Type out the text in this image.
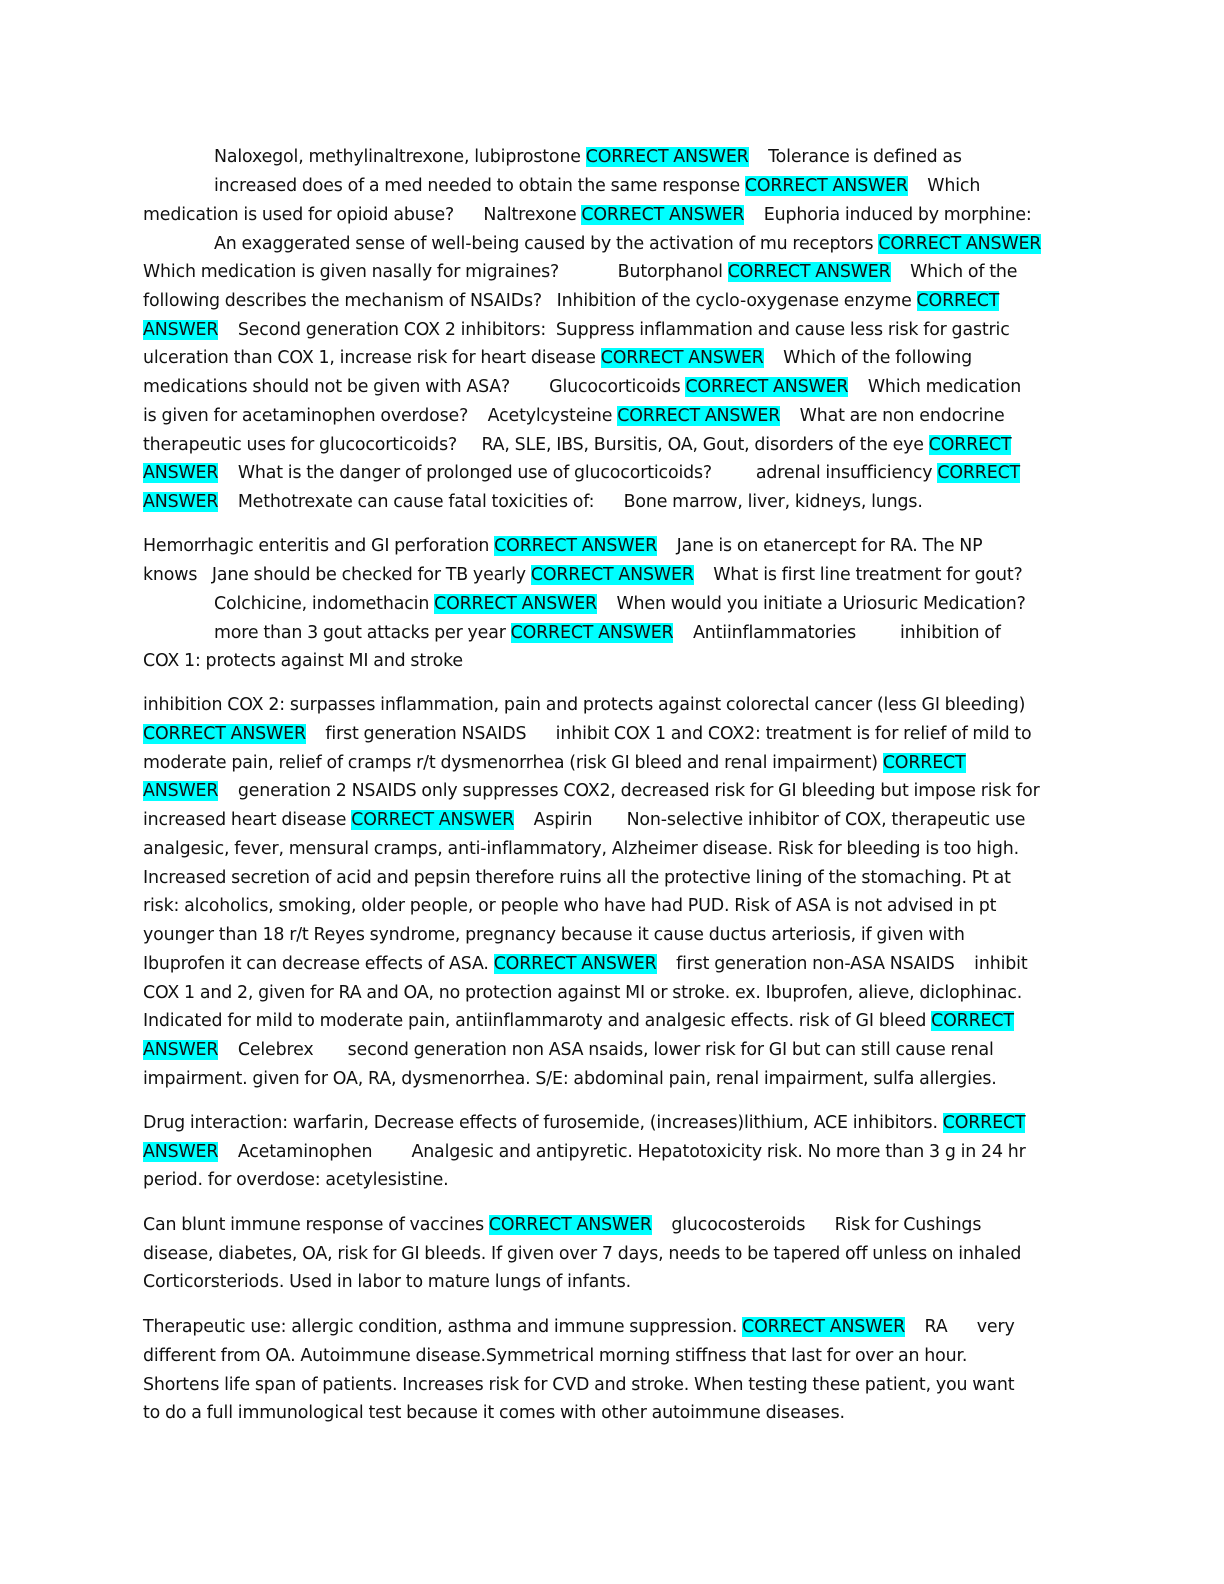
Naloxegol, methylinaltrexone, lubiprostone CORRECT ANSWER    Tolerance is defined as
increased does of a med needed to obtain the same response CORRECT ANSWER    Which
medication is used for opioid abuse?      Naltrexone CORRECT ANSWER    Euphoria induced by morphine:
An exaggerated sense of well-being caused by the activation of mu receptors CORRECT ANSWER
Which medication is given nasally for migraines?            Butorphanol CORRECT ANSWER    Which of the
following describes the mechanism of NSAIDs?   Inhibition of the cyclo-oxygenase enzyme CORRECT
ANSWER    Second generation COX 2 inhibitors:  Suppress inflammation and cause less risk for gastric
ulceration than COX 1, increase risk for heart disease CORRECT ANSWER    Which of the following
medications should not be given with ASA?        Glucocorticoids CORRECT ANSWER    Which medication
is given for acetaminophen overdose?    Acetylcysteine CORRECT ANSWER    What are non endocrine
therapeutic uses for glucocorticoids?     RA, SLE, IBS, Bursitis, OA, Gout, disorders of the eye CORRECT
ANSWER    What is the danger of prolonged use of glucocorticoids?         adrenal insufficiency CORRECT
ANSWER    Methotrexate can cause fatal toxicities of:      Bone marrow, liver, kidneys, lungs.
Hemorrhagic enteritis and GI perforation CORRECT ANSWER    Jane is on etanercept for RA. The NP
knows   Jane should be checked for TB yearly CORRECT ANSWER    What is first line treatment for gout?
Colchicine, indomethacin CORRECT ANSWER    When would you initiate a Uriosuric Medication?
more than 3 gout attacks per year CORRECT ANSWER    Antiinflammatories         inhibition of
COX 1: protects against MI and stroke
inhibition COX 2: surpasses inflammation, pain and protects against colorectal cancer (less GI bleeding)
CORRECT ANSWER    first generation NSAIDS      inhibit COX 1 and COX2: treatment is for relief of mild to
moderate pain, relief of cramps r/t dysmenorrhea (risk GI bleed and renal impairment) CORRECT
ANSWER    generation 2 NSAIDS only suppresses COX2, decreased risk for GI bleeding but impose risk for
increased heart disease CORRECT ANSWER    Aspirin       Non-selective inhibitor of COX, therapeutic use
analgesic, fever, mensural cramps, anti-inflammatory, Alzheimer disease. Risk for bleeding is too high.
Increased secretion of acid and pepsin therefore ruins all the protective lining of the stomaching. Pt at
risk: alcoholics, smoking, older people, or people who have had PUD. Risk of ASA is not advised in pt
younger than 18 r/t Reyes syndrome, pregnancy because it cause ductus arteriosis, if given with
Ibuprofen it can decrease effects of ASA. CORRECT ANSWER    first generation non-ASA NSAIDS    inhibit
COX 1 and 2, given for RA and OA, no protection against MI or stroke. ex. Ibuprofen, alieve, diclophinac.
Indicated for mild to moderate pain, antiinflammaroty and analgesic effects. risk of GI bleed CORRECT
ANSWER    Celebrex       second generation non ASA nsaids, lower risk for GI but can still cause renal
impairment. given for OA, RA, dysmenorrhea. S/E: abdominal pain, renal impairment, sulfa allergies.
Drug interaction: warfarin, Decrease effects of furosemide, (increases)lithium, ACE inhibitors. CORRECT
ANSWER    Acetaminophen        Analgesic and antipyretic. Hepatotoxicity risk. No more than 3 g in 24 hr
period. for overdose: acetylesistine.
Can blunt immune response of vaccines CORRECT ANSWER    glucocosteroids      Risk for Cushings
disease, diabetes, OA, risk for GI bleeds. If given over 7 days, needs to be tapered off unless on inhaled
Corticorsteriods. Used in labor to mature lungs of infants.
Therapeutic use: allergic condition, asthma and immune suppression. CORRECT ANSWER    RA      very
different from OA. Autoimmune disease.Symmetrical morning stiffness that last for over an hour.
Shortens life span of patients. Increases risk for CVD and stroke. When testing these patient, you want
to do a full immunological test because it comes with other autoimmune diseases.
